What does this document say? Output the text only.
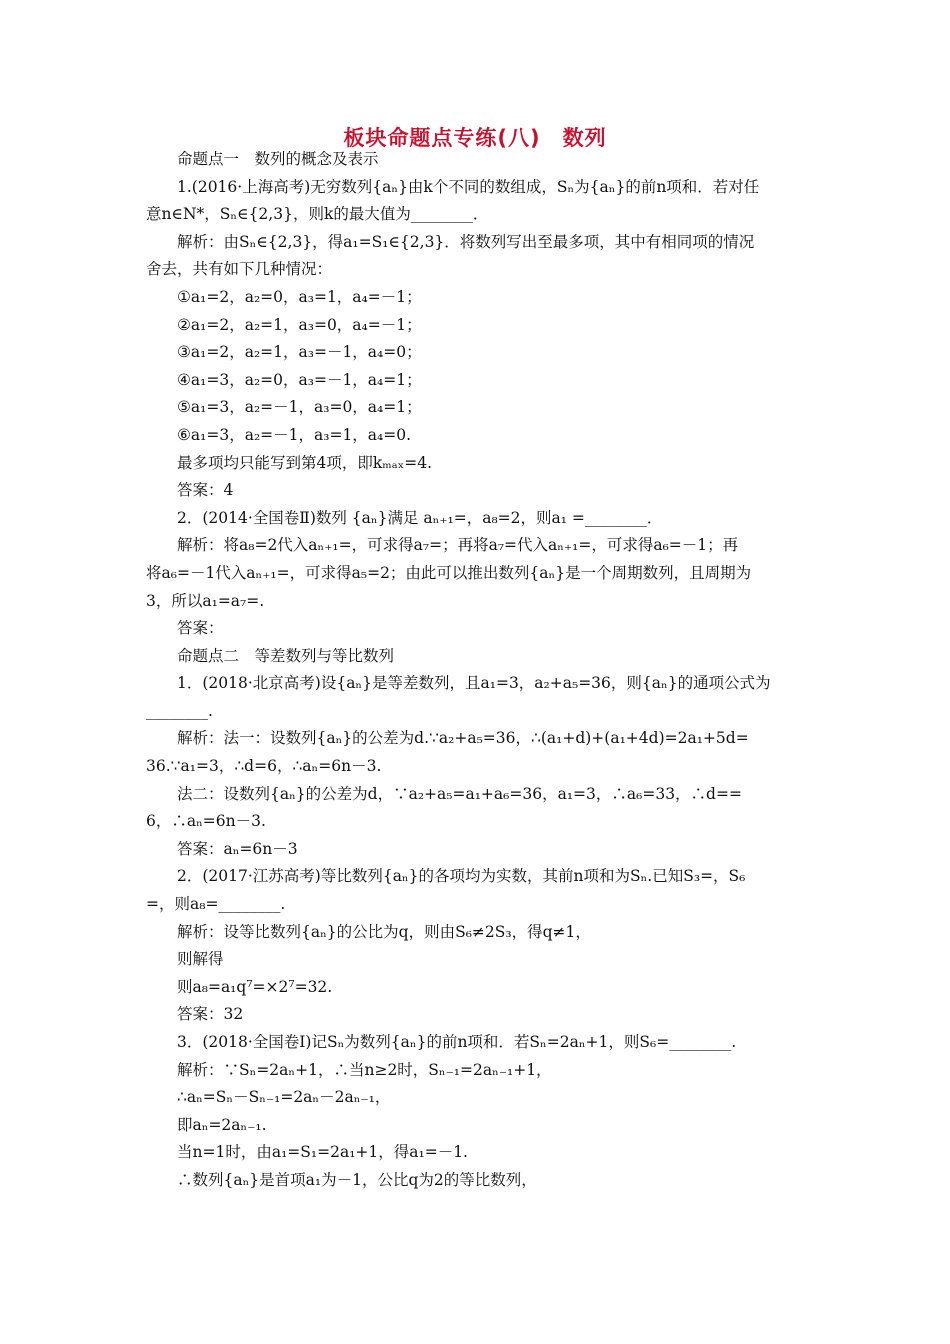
板块命题点专练(八)　数列

命题点一　数列的概念及表示

1.(2016·上海高考)无穷数列{aₙ}由k个不同的数组成，Sₙ为{aₙ}的前n项和．若对任

意n∈N*，Sₙ∈{2,3}，则k的最大值为________．

解析：由Sₙ∈{2,3}，得a₁=S₁∈{2,3}．将数列写出至最多项，其中有相同项的情况

舍去，共有如下几种情况：

①a₁=2，a₂=0，a₃=1，a₄=－1；

②a₁=2，a₂=1，a₃=0，a₄=－1；

③a₁=2，a₂=1，a₃=－1，a₄=0；

④a₁=3，a₂=0，a₃=－1，a₄=1；

⑤a₁=3，a₂=－1，a₃=0，a₄=1；

⑥a₁=3，a₂=－1，a₃=1，a₄=0.

最多项均只能写到第4项，即kₘₐₓ=4.

答案：4

2．(2014·全国卷Ⅱ)数列 {aₙ}满足 aₙ₊₁=，a₈=2，则a₁ =________．

解析：将a₈=2代入aₙ₊₁=，可求得a₇=；再将a₇=代入aₙ₊₁=，可求得a₆=－1；再

将a₆=－1代入aₙ₊₁=，可求得a₅=2；由此可以推出数列{aₙ}是一个周期数列，且周期为

3，所以a₁=a₇=.

答案：

命题点二　等差数列与等比数列

1．(2018·北京高考)设{aₙ}是等差数列，且a₁=3，a₂+a₅=36，则{aₙ}的通项公式为

________.

解析：法一：设数列{aₙ}的公差为d.∵a₂+a₅=36，∴(a₁+d)+(a₁+4d)=2a₁+5d=

36.∵a₁=3，∴d=6，∴aₙ=6n－3.

法二：设数列{aₙ}的公差为d，∵a₂+a₅=a₁+a₆=36，a₁=3，∴a₆=33，∴d==

6，∴aₙ=6n－3.

答案：aₙ=6n－3

2．(2017·江苏高考)等比数列{aₙ}的各项均为实数，其前n项和为Sₙ.已知S₃=，S₆

=，则a₈=________.

解析：设等比数列{aₙ}的公比为q，则由S₆≠2S₃，得q≠1，

则解得

则a₈=a₁q⁷=×2⁷=32.

答案：32

3．(2018·全国卷Ⅰ)记Sₙ为数列{aₙ}的前n项和．若Sₙ=2aₙ+1，则S₆=________.

解析：∵Sₙ=2aₙ+1，∴当n≥2时，Sₙ₋₁=2aₙ₋₁+1，

∴aₙ=Sₙ－Sₙ₋₁=2aₙ－2aₙ₋₁，

即aₙ=2aₙ₋₁.

当n=1时，由a₁=S₁=2a₁+1，得a₁=－1.

∴数列{aₙ}是首项a₁为－1，公比q为2的等比数列，
